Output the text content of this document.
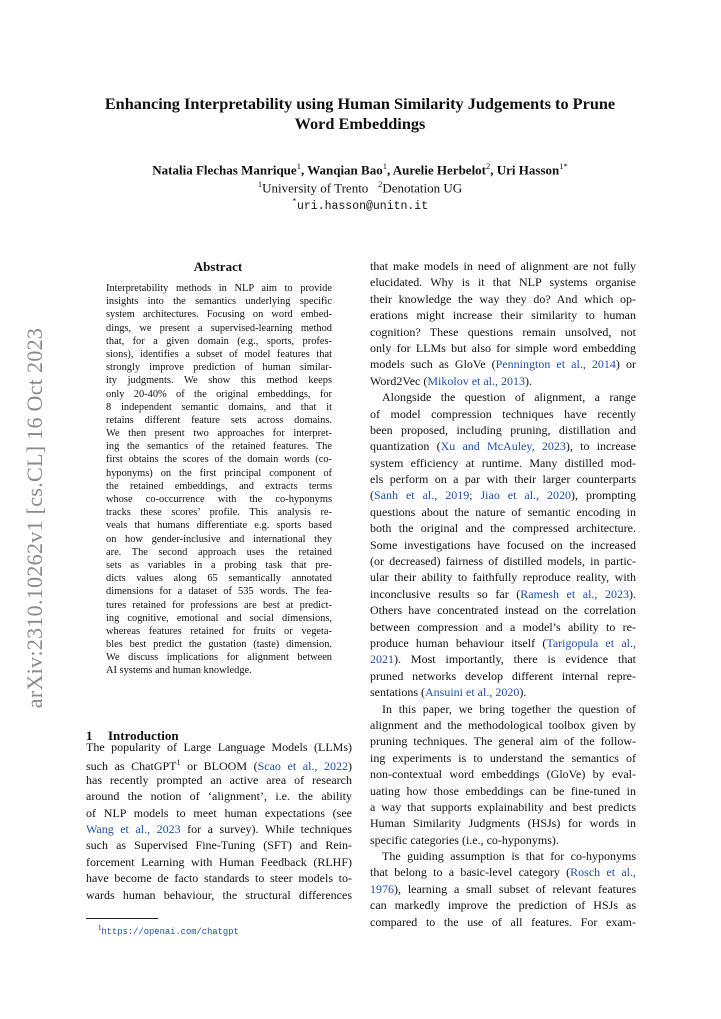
arXiv:2310.10262v1 [cs.CL] 16 Oct 2023
Enhancing Interpretability using Human Similarity Judgements to Prune
Word Embeddings
Natalia Flechas Manrique$^1$, Wanqian Bao$^1$, Aurelie Herbelot$^2$, Uri Hasson$^{1*}$
$^1$University of Trento $^2$Denotation UG
*uri.hasson@unitn.it
Abstract
Interpretability methods in NLP aim to provide
insights into the semantics underlying specific
system architectures. Focusing on word embed-
dings, we present a supervised-learning method
that, for a given domain (e.g., sports, profes-
sions), identifies a subset of model features that
strongly improve prediction of human similar-
ity judgments. We show this method keeps
only 20-40% of the original embeddings, for
8 independent semantic domains, and that it
retains different feature sets across domains.
We then present two approaches for interpret-
ing the semantics of the retained features. The
first obtains the scores of the domain words (co-
hyponyms) on the first principal component of
the retained embeddings, and extracts terms
whose co-occurrence with the co-hyponyms
tracks these scores’ profile. This analysis re-
veals that humans differentiate e.g. sports based
on how gender-inclusive and international they
are. The second approach uses the retained
sets as variables in a probing task that pre-
dicts values along 65 semantically annotated
dimensions for a dataset of 535 words. The fea-
tures retained for professions are best at predict-
ing cognitive, emotional and social dimensions,
whereas features retained for fruits or vegeta-
bles best predict the gustation (taste) dimension.
We discuss implications for alignment between
AI systems and human knowledge.
1 Introduction
The popularity of Large Language Models (LLMs)
such as ChatGPT$^1$ or BLOOM (Scao et al., 2022)
has recently prompted an active area of research
around the notion of ‘alignment’, i.e. the ability
of NLP models to meet human expectations (see
Wang et al., 2023 for a survey). While techniques
such as Supervised Fine-Tuning (SFT) and Rein-
forcement Learning with Human Feedback (RLHF)
have become de facto standards to steer models to-
wards human behaviour, the structural differences
$^1$https://openai.com/chatgpt
that make models in need of alignment are not fully
elucidated. Why is it that NLP systems organise
their knowledge the way they do? And which op-
erations might increase their similarity to human
cognition? These questions remain unsolved, not
only for LLMs but also for simple word embedding
models such as GloVe (Pennington et al., 2014) or
Word2Vec (Mikolov et al., 2013).
Alongside the question of alignment, a range
of model compression techniques have recently
been proposed, including pruning, distillation and
quantization (Xu and McAuley, 2023), to increase
system efficiency at runtime. Many distilled mod-
els perform on a par with their larger counterparts
(Sanh et al., 2019; Jiao et al., 2020), prompting
questions about the nature of semantic encoding in
both the original and the compressed architecture.
Some investigations have focused on the increased
(or decreased) fairness of distilled models, in partic-
ular their ability to faithfully reproduce reality, with
inconclusive results so far (Ramesh et al., 2023).
Others have concentrated instead on the correlation
between compression and a model’s ability to re-
produce human behaviour itself (Tarigopula et al.,
2021). Most importantly, there is evidence that
pruned networks develop different internal repre-
sentations (Ansuini et al., 2020).
In this paper, we bring together the question of
alignment and the methodological toolbox given by
pruning techniques. The general aim of the follow-
ing experiments is to understand the semantics of
non-contextual word embeddings (GloVe) by eval-
uating how those embeddings can be fine-tuned in
a way that supports explainability and best predicts
Human Similarity Judgments (HSJs) for words in
specific categories (i.e., co-hyponyms).
The guiding assumption is that for co-hyponyms
that belong to a basic-level category (Rosch et al.,
1976), learning a small subset of relevant features
can markedly improve the prediction of HSJs as
compared to the use of all features. For exam-
